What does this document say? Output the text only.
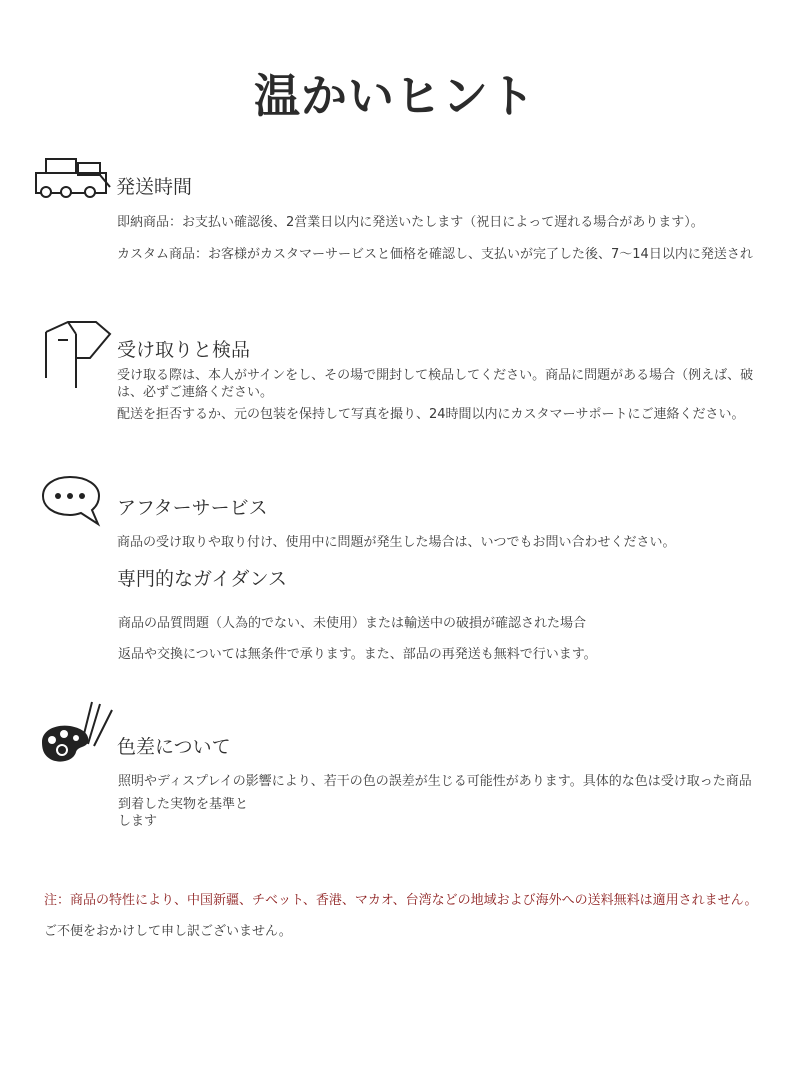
温かいヒント
発送時間
即納商品：お支払い確認後、2営業日以内に発送いたします（祝日によって遅れる場合があります）。
カスタム商品：お客様がカスタマーサービスと価格を確認し、支払いが完了した後、7〜14日以内に発送され
受け取りと検品
受け取る際は、本人がサインをし、その場で開封して検品してください。商品に問題がある場合（例えば、破
は、必ずご連絡ください。
配送を拒否するか、元の包装を保持して写真を撮り、24時間以内にカスタマーサポートにご連絡ください。
アフターサービス
商品の受け取りや取り付け、使用中に問題が発生した場合は、いつでもお問い合わせください。
専門的なガイダンス
商品の品質問題（人為的でない、未使用）または輸送中の破損が確認された場合
返品や交換については無条件で承ります。また、部品の再発送も無料で行います。
色差について
照明やディスプレイの影響により、若干の色の誤差が生じる可能性があります。具体的な色は受け取った商品
到着した実物を基準と
します
注：商品の特性により、中国新疆、チベット、香港、マカオ、台湾などの地域および海外への送料無料は適用されません。
ご不便をおかけして申し訳ございません。
